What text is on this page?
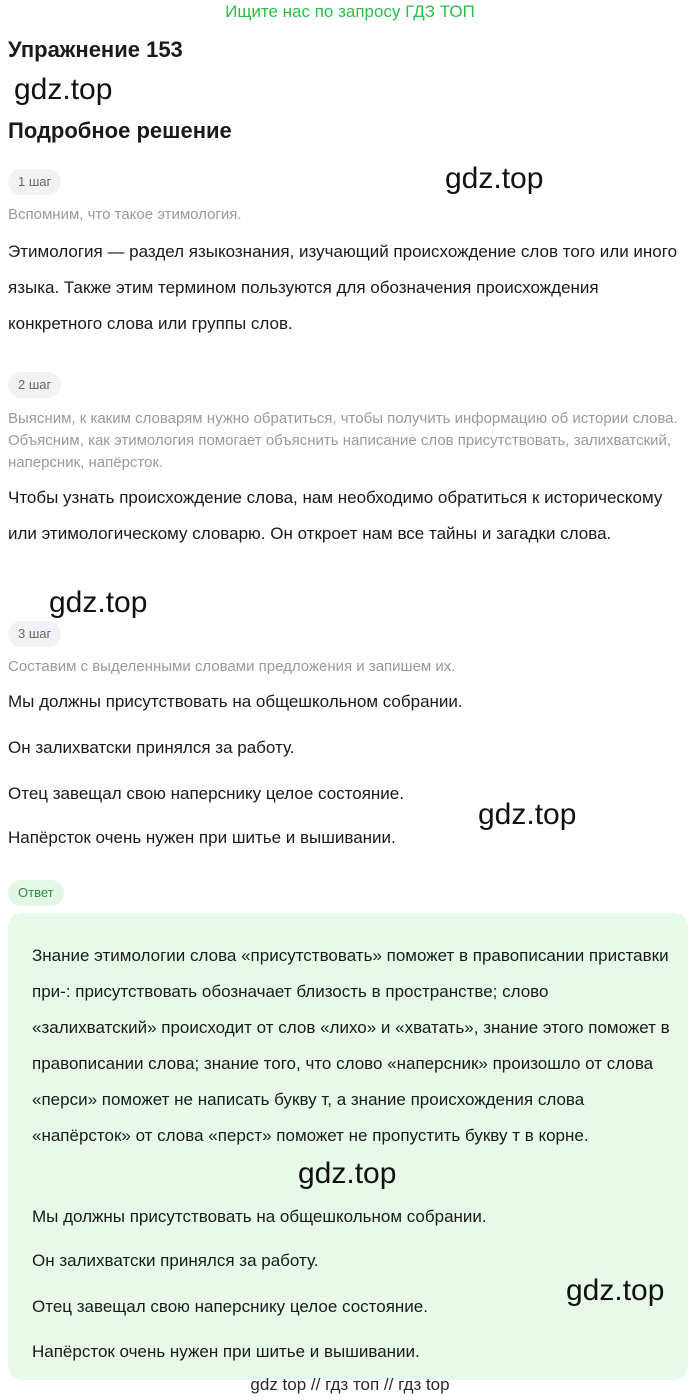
Ищите нас по запросу ГДЗ ТОП
Упражнение 153
gdz.top
Подробное решение
1 шаг	gdz.top
Вспомним, что такое этимология.
Этимология — раздел языкознания, изучающий происхождение слов того или иного языка. Также этим термином пользуются для обозначения происхождения конкретного слова или группы слов.
2 шаг
Выясним, к каким словарям нужно обратиться, чтобы получить информацию об истории слова. Объясним, как этимология помогает объяснить написание слов присутствовать, залихватский, наперсник, напёрсток.
Чтобы узнать происхождение слова, нам необходимо обратиться к историческому или этимологическому словарю. Он откроет нам все тайны и загадки слова.
gdz.top
3 шаг
Составим с выделенными словами предложения и запишем их.
Мы должны присутствовать на общешкольном собрании.
Он залихватски принялся за работу.
Отец завещал свою наперснику целое состояние.
Напёрсток очень нужен при шитье и вышивании.
gdz.top
Ответ
Знание этимологии слова «присутствовать» поможет в правописании приставки при-: присутствовать обозначает близость в пространстве; слово «залихватский» происходит от слов «лихо» и «хватать», знание этого поможет в правописании слова; знание того, что слово «наперсник» произошло от слова «перси» поможет не написать букву т, а знание происхождения слова «напёрсток» от слова «перст» поможет не пропустить букву т в корне.
gdz.top
Мы должны присутствовать на общешкольном собрании.
Он залихватски принялся за работу.
Отец завещал свою наперснику целое состояние.
Напёрсток очень нужен при шитье и вышивании.
gdz.top
gdz top // гдз топ // гдз top
